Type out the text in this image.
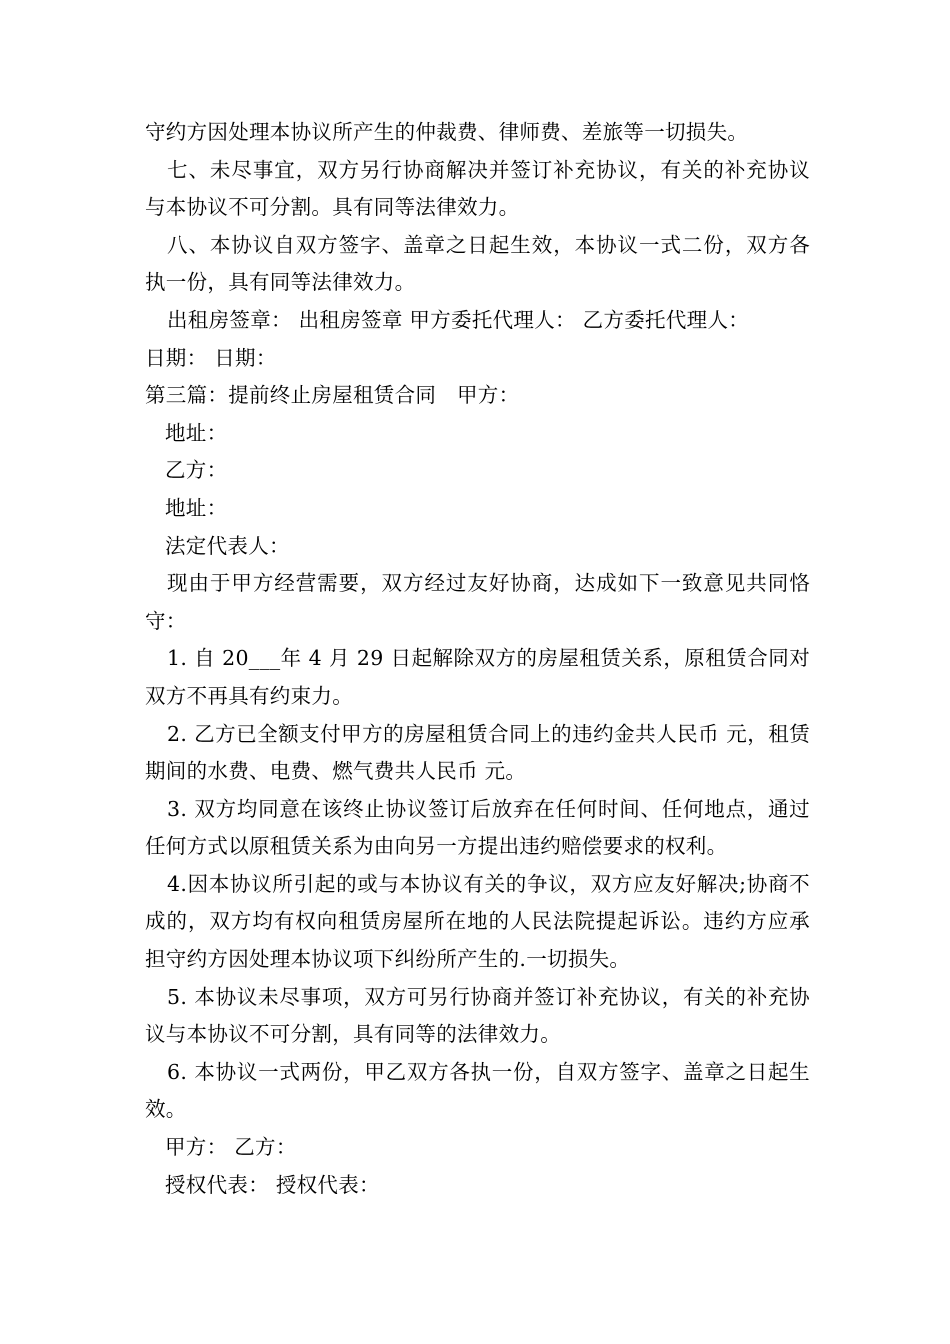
守约方因处理本协议所产生的仲裁费、律师费、差旅等一切损失。

七、未尽事宜，双方另行协商解决并签订补充协议，有关的补充协议与本协议不可分割。具有同等法律效力。

八、本协议自双方签字、盖章之日起生效，本协议一式二份，双方各执一份，具有同等法律效力。

出租房签章： 出租房签章 甲方委托代理人： 乙方委托代理人：

日期： 日期：

第三篇：提前终止房屋租赁合同　甲方：

地址：

乙方：

地址：

法定代表人：

现由于甲方经营需要，双方经过友好协商，达成如下一致意见共同恪守：

1. 自 20___年 4 月 29 日起解除双方的房屋租赁关系，原租赁合同对双方不再具有约束力。

2. 乙方已全额支付甲方的房屋租赁合同上的违约金共人民币 元，租赁期间的水费、电费、燃气费共人民币 元。

3. 双方均同意在该终止协议签订后放弃在任何时间、任何地点，通过任何方式以原租赁关系为由向另一方提出违约赔偿要求的权利。

4.因本协议所引起的或与本协议有关的争议，双方应友好解决;协商不成的，双方均有权向租赁房屋所在地的人民法院提起诉讼。违约方应承担守约方因处理本协议项下纠纷所产生的.一切损失。

5. 本协议未尽事项，双方可另行协商并签订补充协议，有关的补充协议与本协议不可分割，具有同等的法律效力。

6. 本协议一式两份，甲乙双方各执一份，自双方签字、盖章之日起生效。

甲方： 乙方：

授权代表： 授权代表：
